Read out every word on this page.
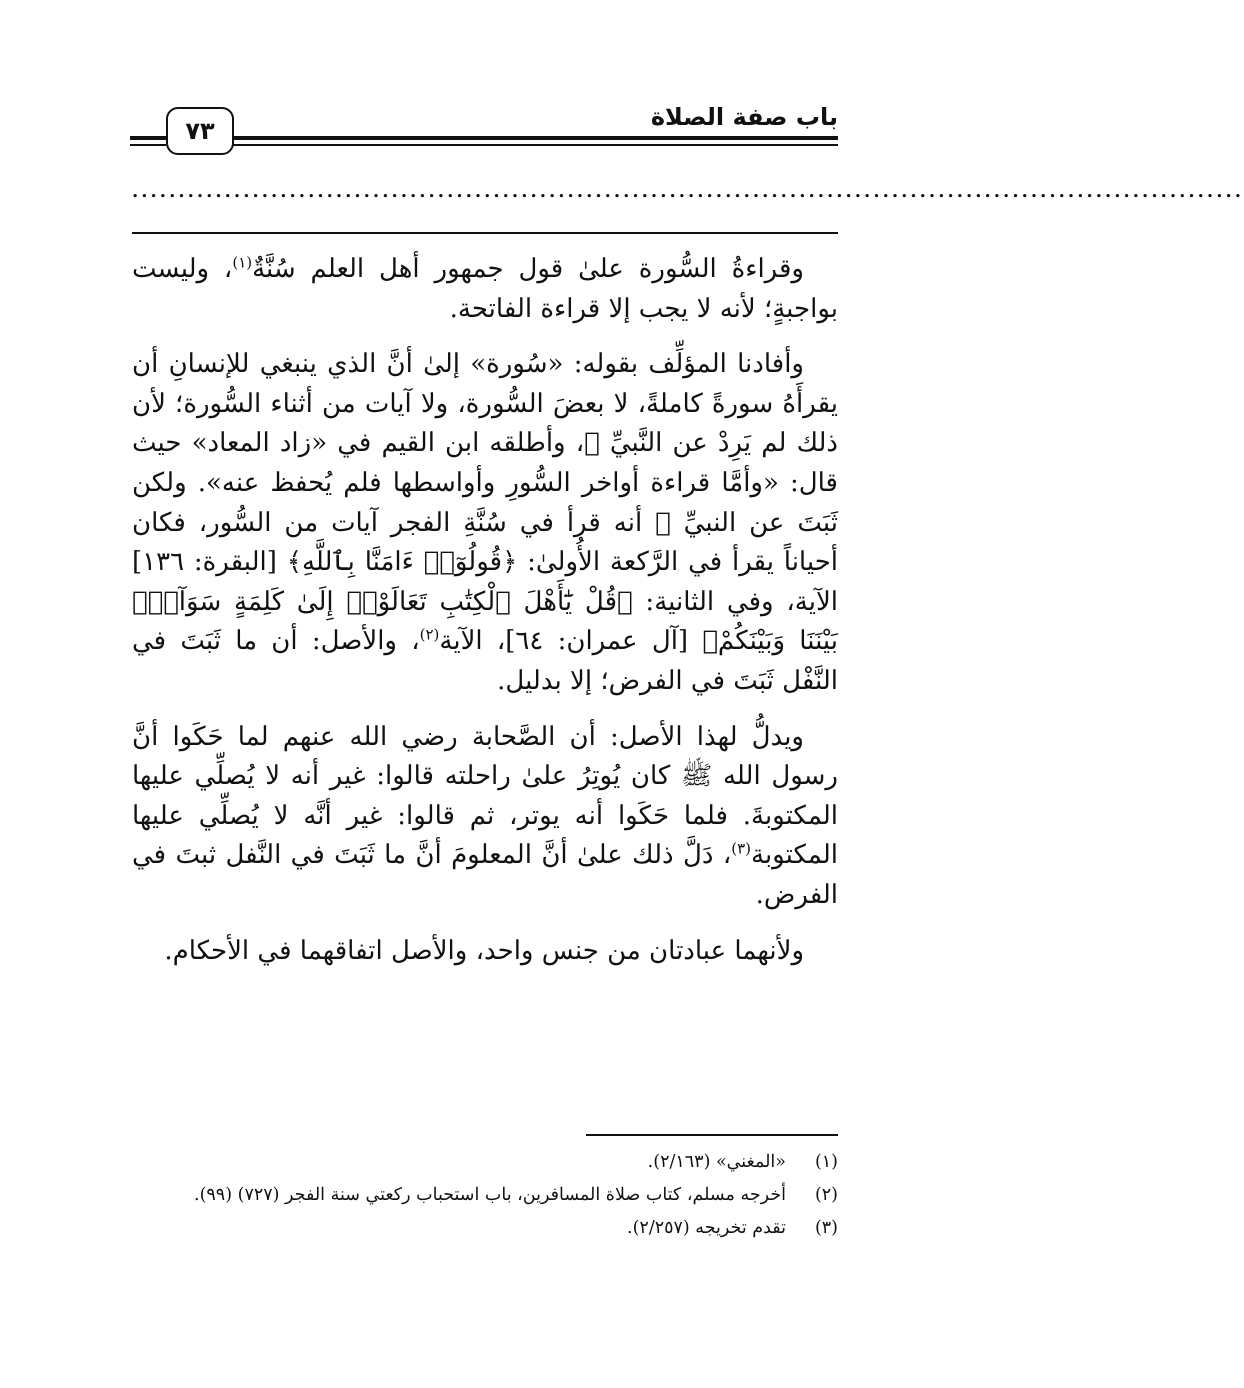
باب صفة الصلاة
٧٣
........................................................................................................................

وقراءةُ السُّورة علىٰ قول جمهور أهل العلم سُنَّةٌ$^{(١)}$، وليست بواجبةٍ؛ لأنه لا يجب إلا قراءة الفاتحة.

وأفادنا المؤلِّف بقوله: «سُورة» إلىٰ أنَّ الذي ينبغي للإنسانِ أن يقرأَهُ سورةً كاملةً، لا بعضَ السُّورة، ولا آيات من أثناء السُّورة؛ لأن ذلك لم يَرِدْ عن النَّبيِّ ﷺ، وأطلقه ابن القيم في «زاد المعاد» حيث قال: «وأمَّا قراءة أواخر السُّورِ وأواسطها فلم يُحفظ عنه». ولكن ثَبَتَ عن النبيِّ ﷺ أنه قرأ في سُنَّةِ الفجر آيات من السُّور، فكان أحياناً يقرأ في الرَّكعة الأُولىٰ: ﴿قُولُوٓا۟ ءَامَنَّا بِٱللَّهِ﴾ [البقرة: ١٣٦] الآية، وفي الثانية: ﴿قُلْ يَٰٓأَهْلَ ٱلْكِتَٰبِ تَعَالَوْا۟ إِلَىٰ كَلِمَةٍ سَوَآءٍۭ بَيْنَنَا وَبَيْنَكُمْ﴾ [آل عمران: ٦٤]، الآية$^{(٢)}$، والأصل: أن ما ثَبَتَ في النَّفْل ثَبَتَ في الفرض؛ إلا بدليل.

ويدلُّ لهذا الأصل: أن الصَّحابة رضي الله عنهم لما حَكَوا أنَّ رسول الله ﷺ كان يُوتِرُ علىٰ راحلته قالوا: غير أنه لا يُصلِّي عليها المكتوبةَ. فلما حَكَوا أنه يوتر، ثم قالوا: غير أنَّه لا يُصلِّي عليها المكتوبة$^{(٣)}$، دَلَّ ذلك علىٰ أنَّ المعلومَ أنَّ ما ثَبَتَ في النَّفل ثبتَ في الفرض.

ولأنهما عبادتان من جنس واحد، والأصل اتفاقهما في الأحكام.

(١)
«المغني» (٢/١٦٣).
(٢)
أخرجه مسلم، كتاب صلاة المسافرين، باب استحباب ركعتي سنة الفجر (٧٢٧) (٩٩).
(٣)
تقدم تخريجه (٢/٢٥٧).
